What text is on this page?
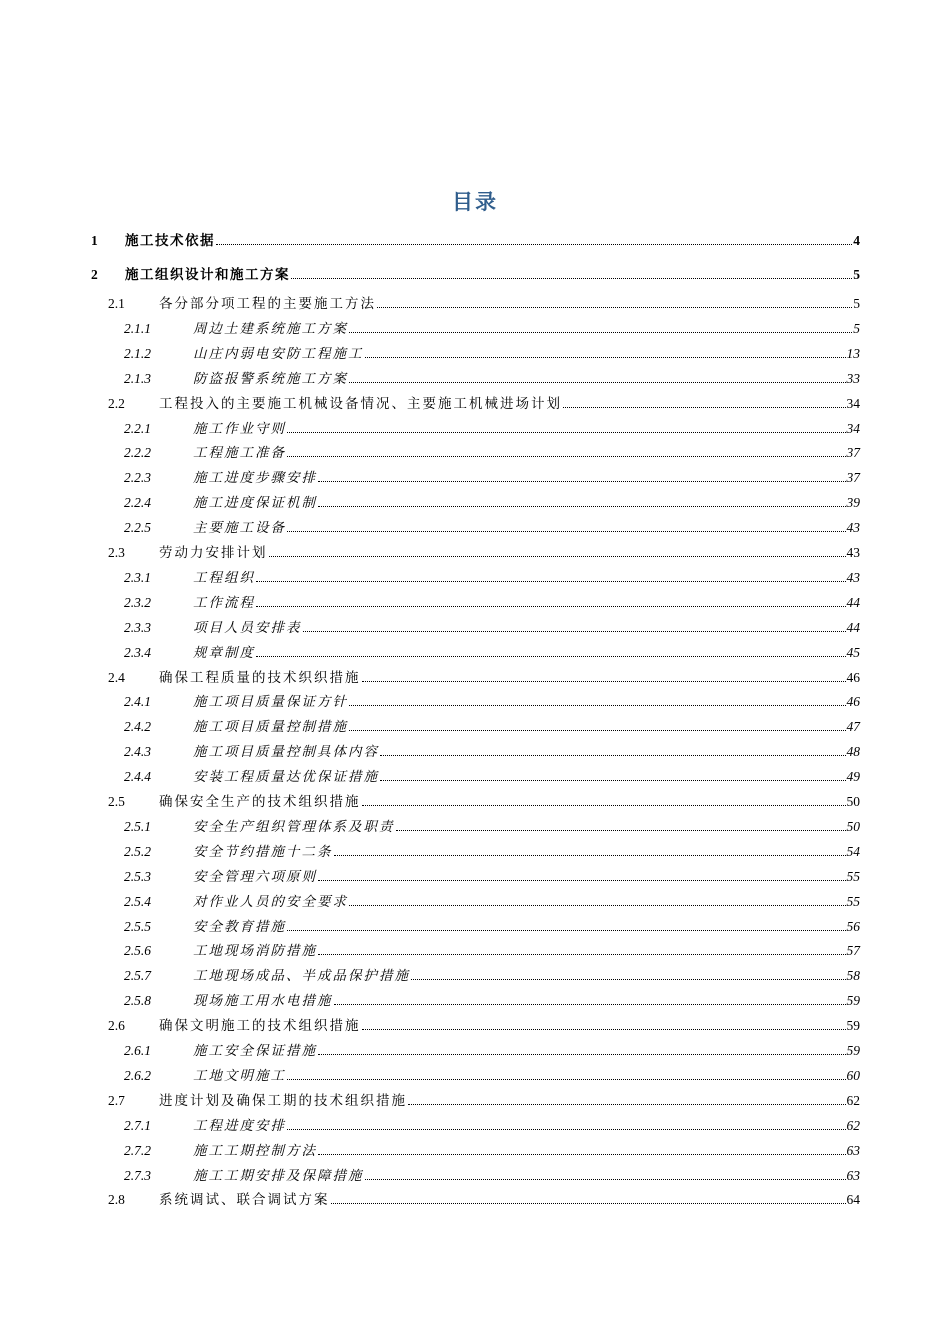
目录
1	施工技术依据	4
2	施工组织设计和施工方案	5
2.1	各分部分项工程的主要施工方法	5
2.1.1	周边土建系统施工方案	5
2.1.2	山庄内弱电安防工程施工	13
2.1.3	防盗报警系统施工方案	33
2.2	工程投入的主要施工机械设备情况、主要施工机械进场计划	34
2.2.1	施工作业守则	34
2.2.2	工程施工准备	37
2.2.3	施工进度步骤安排	37
2.2.4	施工进度保证机制	39
2.2.5	主要施工设备	43
2.3	劳动力安排计划	43
2.3.1	工程组织	43
2.3.2	工作流程	44
2.3.3	项目人员安排表	44
2.3.4	规章制度	45
2.4	确保工程质量的技术织织措施	46
2.4.1	施工项目质量保证方针	46
2.4.2	施工项目质量控制措施	47
2.4.3	施工项目质量控制具体内容	48
2.4.4	安装工程质量达优保证措施	49
2.5	确保安全生产的技术组织措施	50
2.5.1	安全生产组织管理体系及职责	50
2.5.2	安全节约措施十二条	54
2.5.3	安全管理六项原则	55
2.5.4	对作业人员的安全要求	55
2.5.5	安全教育措施	56
2.5.6	工地现场消防措施	57
2.5.7	工地现场成品、半成品保护措施	58
2.5.8	现场施工用水电措施	59
2.6	确保文明施工的技术组织措施	59
2.6.1	施工安全保证措施	59
2.6.2	工地文明施工	60
2.7	进度计划及确保工期的技术组织措施	62
2.7.1	工程进度安排	62
2.7.2	施工工期控制方法	63
2.7.3	施工工期安排及保障措施	63
2.8	系统调试、联合调试方案	64
